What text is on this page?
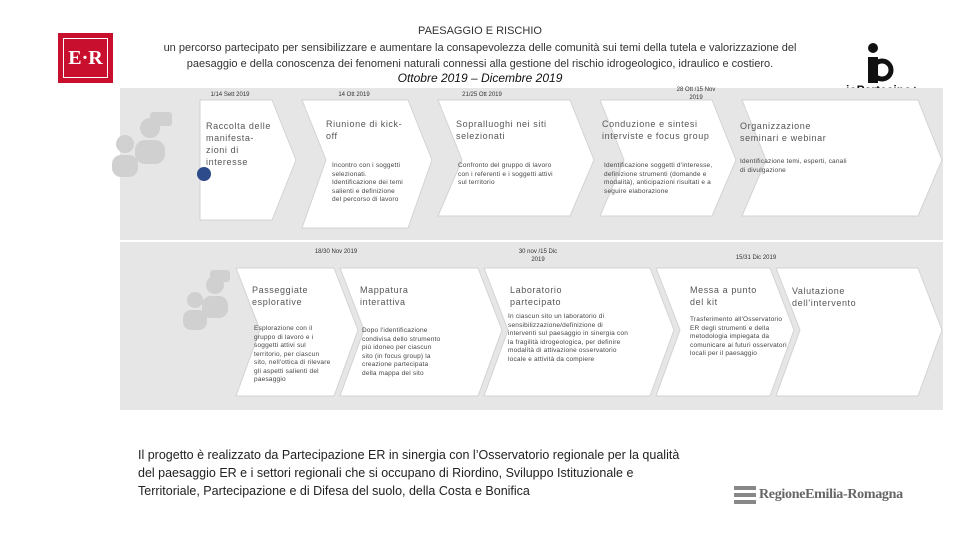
PAESAGGIO E RISCHIO
un percorso partecipato per sensibilizzare e aumentare la consapevolezza delle comunità sui temi della tutela e valorizzazione del
paesaggio e della conoscenza dei fenomeni naturali connessi alla gestione del rischio idrogeologico, idraulico e costiero.
Ottobre 2019 – Dicembre 2019
E·R
1/14 Sett 2019	14 Ott 2019	21/25 Ott 2019
28 Ott /15 Nov 2019
Raccolta delle manifesta- zioni di interesse
Riunione di kick-off
Incontro con i soggetti selezionati. Identificazione dei temi salienti e definizione del percorso di lavoro
Sopralluoghi nei siti selezionati
Confronto del gruppo di lavoro con i referenti e i soggetti attivi sul territorio
Conduzione e sintesi interviste e focus group
Identificazione soggetti d'interesse, definizione strumenti (domande e modalità), anticipazioni risultati e a seguire elaborazione
Organizzazione seminari e webinar
Identificazione temi, esperti, canali di divulgazione
18/30 Nov 2019	30 nov /15 Dic 2019	15/31 Dic 2019
Passeggiate esplorative
Esplorazione con il gruppo di lavoro e i soggetti attivi sul territorio, per ciascun sito, nell'ottica di rilevare gli aspetti salienti del paesaggio
Mappatura interattiva
Dopo l'identificazione condivisa dello strumento più idoneo per ciascun sito (in focus group) la creazione partecipata della mappa del sito
Laboratorio partecipato
In ciascun sito un laboratorio di sensibilizzazione/definizione di interventi sul paesaggio in sinergia con la fragilità idrogeologica, per definire modalità di attivazione osservatorio locale e attività da compiere
Messa a punto del kit
Trasferimento all'Osservatorio ER degli strumenti e della metodologia impiegata da comunicare ai futuri osservatori locali per il paesaggio
Valutazione dell'intervento
Il progetto è realizzato da Partecipazione ER in sinergia con l’Osservatorio regionale per la qualità del paesaggio ER e i settori regionali che si occupano di Riordino, Sviluppo Istituzionale e Territoriale, Partecipazione e di Difesa del suolo, della Costa e Bonifica	RegioneEmilia-Romagna
